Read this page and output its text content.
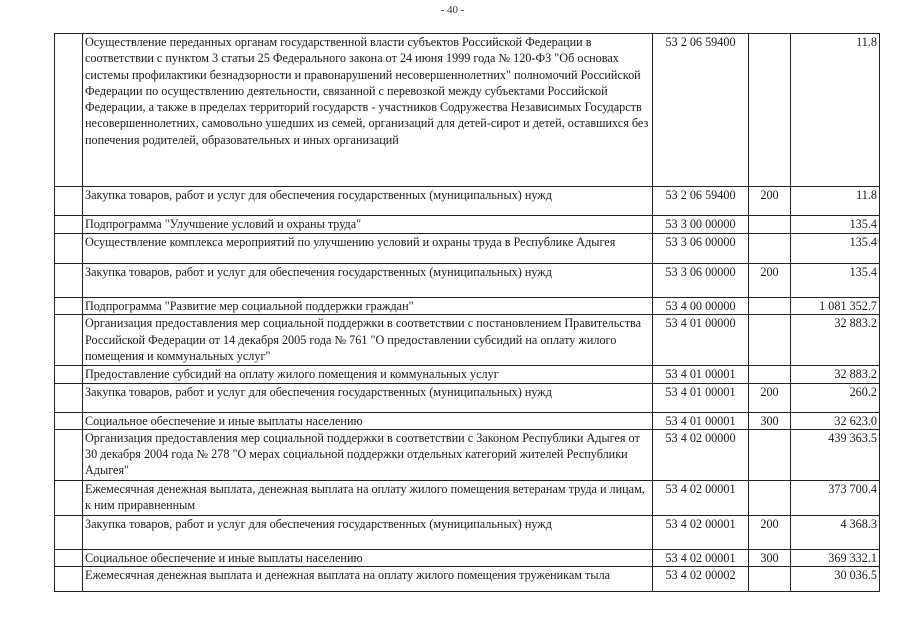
- 40 -
	Осуществление переданных органам государственной власти субъектов Российской Федерации в соответствии с пунктом 3 статьи 25 Федерального закона от 24 июня 1999 года № 120-ФЗ "Об основах системы профилактики безнадзорности и правонарушений несовершеннолетних" полномочий Российской Федерации по осуществлению деятельности, связанной с перевозкой между субъектами Российской Федерации, а также в пределах территорий государств - участников Содружества Независимых Государств несовершеннолетних, самовольно ушедших из семей, организаций для детей-сирот и детей, оставшихся без попечения родителей, образовательных и иных организаций	53 2 06 59400		11.8
	Закупка товаров, работ и услуг для обеспечения государственных (муниципальных) нужд	53 2 06 59400	200	11.8
	Подпрограмма "Улучшение условий и охраны труда"	53 3 00 00000		135.4
	Осуществление комплекса мероприятий по улучшению условий и охраны труда в Республике Адыгея	53 3 06 00000		135.4
	Закупка товаров, работ и услуг для обеспечения государственных (муниципальных) нужд	53 3 06 00000	200	135.4
	Подпрограмма "Развитие мер социальной поддержки граждан"	53 4 00 00000		1 081 352.7
	Организация предоставления мер социальной поддержки в соответствии с постановлением Правительства Российской Федерации от 14 декабря 2005 года № 761 "О предоставлении субсидий на оплату жилого помещения и коммунальных услуг"	53 4 01 00000		32 883.2
	Предоставление субсидий на оплату жилого помещения и коммунальных услуг	53 4 01 00001		32 883.2
	Закупка товаров, работ и услуг для обеспечения государственных (муниципальных) нужд	53 4 01 00001	200	260.2
	Социальное обеспечение и иные выплаты населению	53 4 01 00001	300	32 623.0
	Организация предоставления мер социальной поддержки в соответствии с Законом Республики Адыгея от 30 декабря 2004 года № 278 "О мерах социальной поддержки отдельных категорий жителей Республики Адыгея"	53 4 02 00000		439 363.5
	Ежемесячная денежная выплата, денежная выплата на оплату жилого помещения ветеранам труда и лицам, к ним приравненным	53 4 02 00001		373 700.4
	Закупка товаров, работ и услуг для обеспечения государственных (муниципальных) нужд	53 4 02 00001	200	4 368.3
	Социальное обеспечение и иные выплаты населению	53 4 02 00001	300	369 332.1
	Ежемесячная денежная выплата и денежная выплата на оплату жилого помещения труженикам тыла	53 4 02 00002		30 036.5
